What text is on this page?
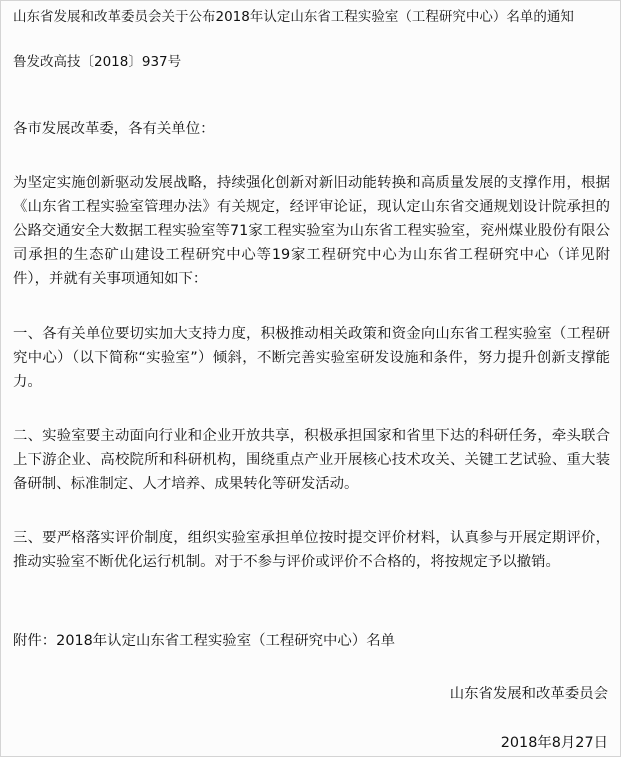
山东省发展和改革委员会关于公布2018年认定山东省工程实验室（工程研究中心）名单的通知
鲁发改高技〔2018〕937号
各市发展改革委，各有关单位：
为坚定实施创新驱动发展战略，持续强化创新对新旧动能转换和高质量发展的支撑作用，根据《山东省工程实验室管理办法》有关规定，经评审论证，现认定山东省交通规划设计院承担的公路交通安全大数据工程实验室等71家工程实验室为山东省工程实验室，兖州煤业股份有限公司承担的生态矿山建设工程研究中心等19家工程研究中心为山东省工程研究中心（详见附件），并就有关事项通知如下：
一、各有关单位要切实加大支持力度，积极推动相关政策和资金向山东省工程实验室（工程研究中心）（以下简称“实验室”）倾斜，不断完善实验室研发设施和条件，努力提升创新支撑能力。
二、实验室要主动面向行业和企业开放共享，积极承担国家和省里下达的科研任务，牵头联合上下游企业、高校院所和科研机构，围绕重点产业开展核心技术攻关、关键工艺试验、重大装备研制、标准制定、人才培养、成果转化等研发活动。
三、要严格落实评价制度，组织实验室承担单位按时提交评价材料，认真参与开展定期评价，推动实验室不断优化运行机制。对于不参与评价或评价不合格的，将按规定予以撤销。
附件：2018年认定山东省工程实验室（工程研究中心）名单
山东省发展和改革委员会
2018年8月27日
